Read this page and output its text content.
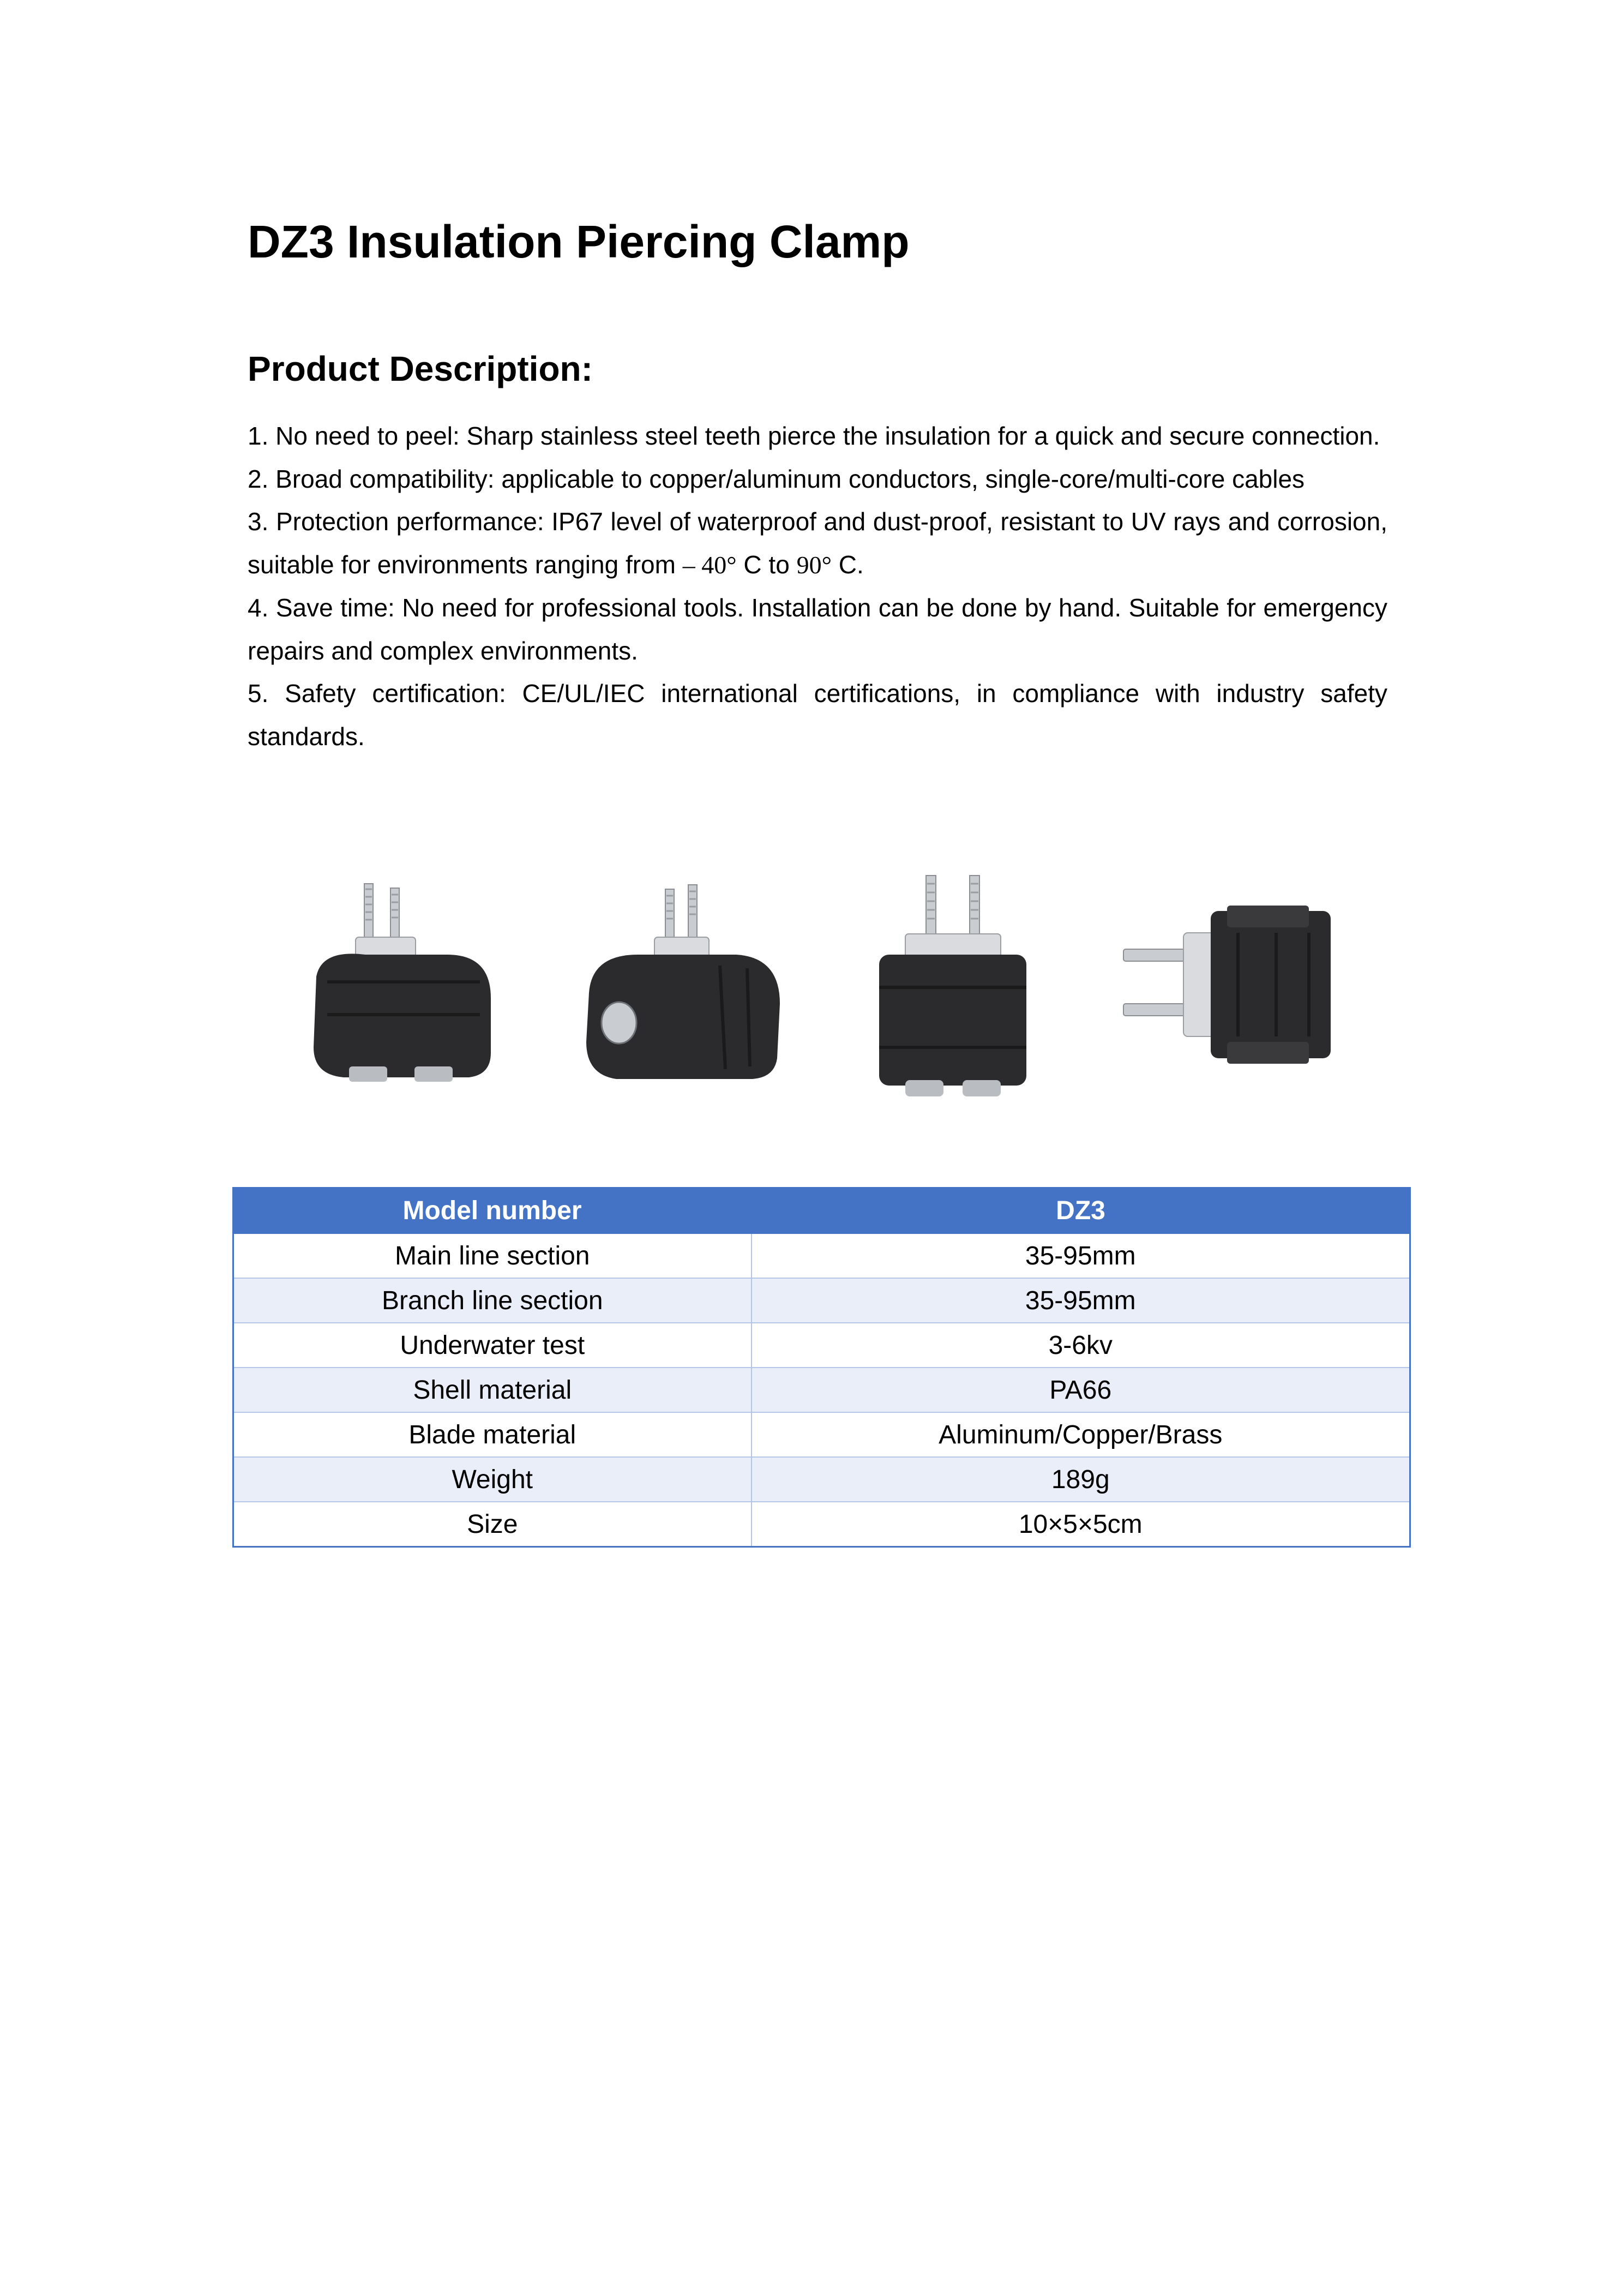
DZ3 Insulation Piercing Clamp
Product Description:

1. No need to peel: Sharp stainless steel teeth pierce the insulation for a quick and secure connection.

2. Broad compatibility: applicable to copper/aluminum conductors, single-core/multi-core cables

3. Protection performance: IP67 level of waterproof and dust-proof, resistant to UV rays and corrosion, suitable for environments ranging from – 40° C to 90° C.

4. Save time: No need for professional tools. Installation can be done by hand. Suitable for emergency repairs and complex environments.

5. Safety certification: CE/UL/IEC international certifications, in compliance with industry safety standards.

Model number	DZ3
Main line section	35-95mm
Branch line section	35-95mm
Underwater test	3-6kv
Shell material	PA66
Blade material	Aluminum/Copper/Brass
Weight	189g
Size	10×5×5cm
